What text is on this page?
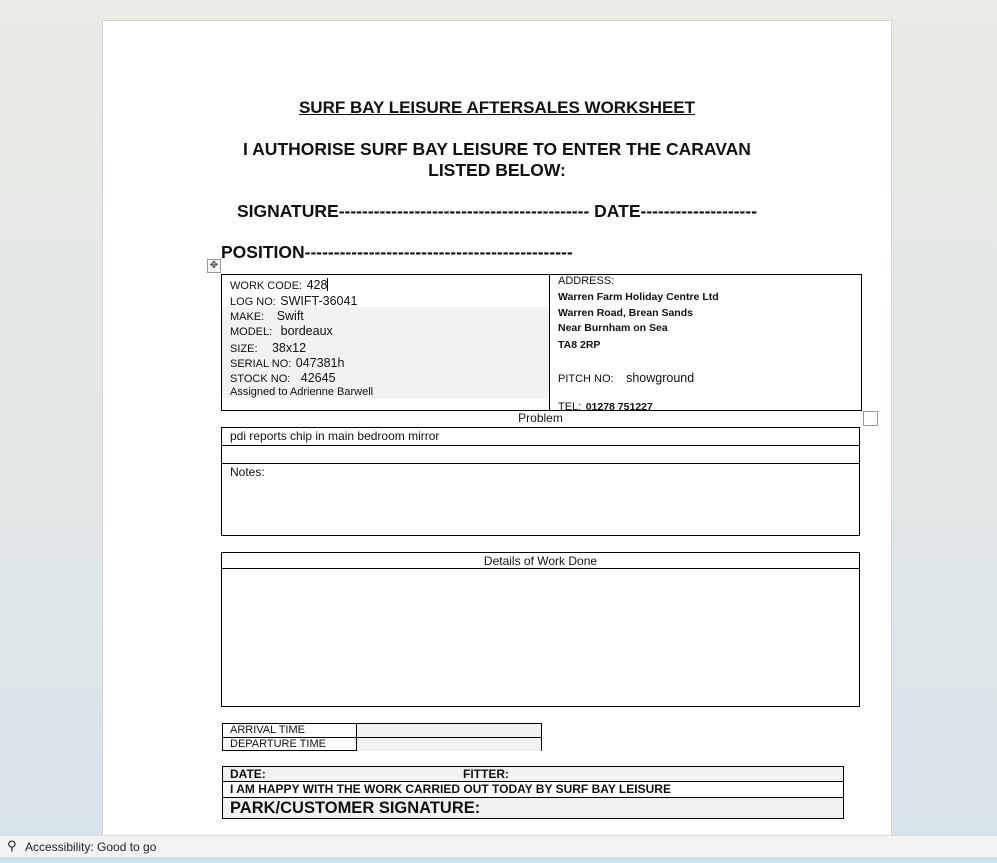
SURF BAY LEISURE AFTERSALES WORKSHEET
I AUTHORISE SURF BAY LEISURE TO ENTER THE CARAVAN
LISTED BELOW:
SIGNATURE------------------------------------------- DATE--------------------
POSITION----------------------------------------------
✥
WORK CODE: 428
LOG NO: SWIFT-36041
MAKE: Swift
MODEL: bordeaux
SIZE: 38x12
SERIAL NO: 047381h
STOCK NO: 42645
Assigned to Adrienne Barwell
ADDRESS:
Warren Farm Holiday Centre Ltd
Warren Road, Brean Sands
Near Burnham on Sea
TA8 2RP
PITCH NO: showground
TEL: 01278 751227
Problem
pdi reports chip in main bedroom mirror
Notes:
Details of Work Done
ARRIVAL TIME
DEPARTURE TIME
DATE:	FITTER:
I AM HAPPY WITH THE WORK CARRIED OUT TODAY BY SURF BAY LEISURE
PARK/CUSTOMER SIGNATURE:
⚲ Accessibility: Good to go
